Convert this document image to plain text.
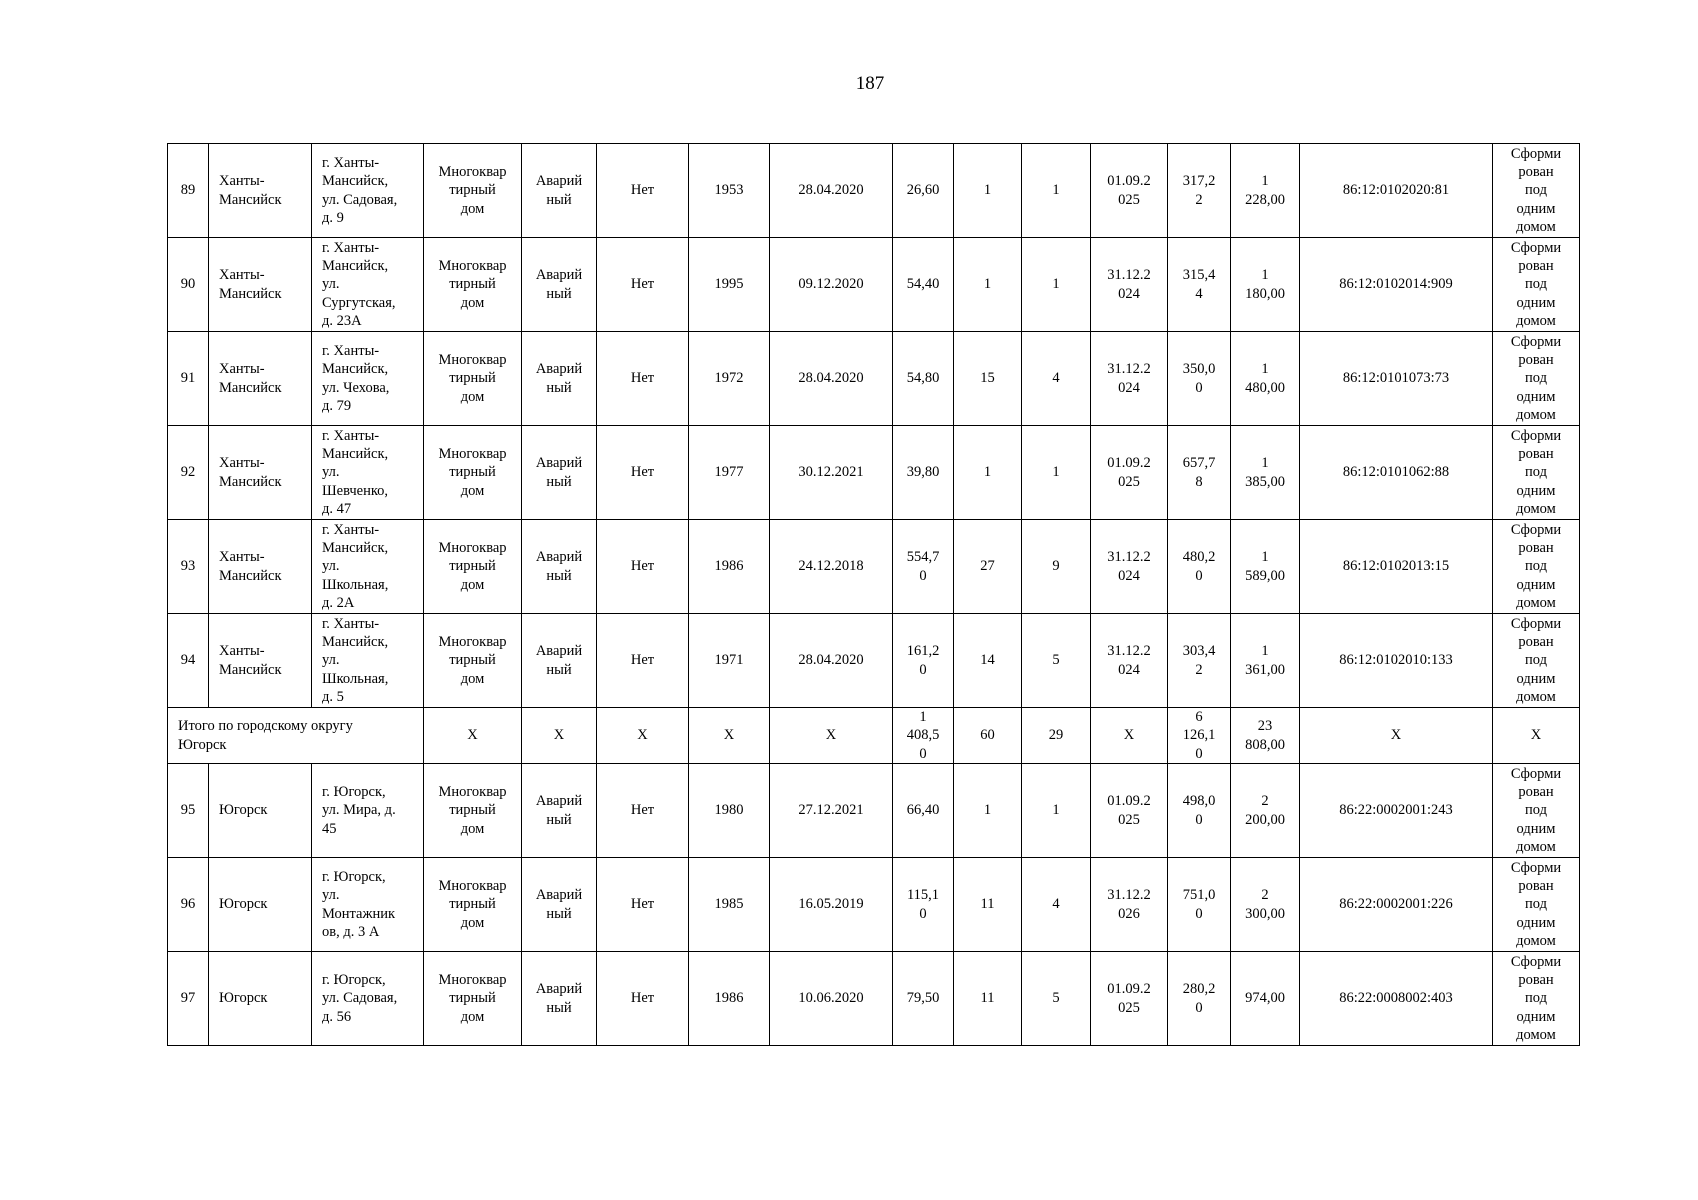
187
89	Ханты-
Мансийск	г. Ханты-
Мансийск,
ул. Садовая,
д. 9	Многоквар
тирный
дом	Аварий
ный	Нет	1953	28.04.2020	26,60	1	1	01.09.2
025	317,2
2	1
228,00	86:12:0102020:81	Сформи
рован
под
одним
домом

90	Ханты-
Мансийск	г. Ханты-
Мансийск,
ул.
Сургутская,
д. 23А	Многоквар
тирный
дом	Аварий
ный	Нет	1995	09.12.2020	54,40	1	1	31.12.2
024	315,4
4	1
180,00	86:12:0102014:909	Сформи
рован
под
одним
домом

91	Ханты-
Мансийск	г. Ханты-
Мансийск,
ул. Чехова,
д. 79	Многоквар
тирный
дом	Аварий
ный	Нет	1972	28.04.2020	54,80	15	4	31.12.2
024	350,0
0	1
480,00	86:12:0101073:73	Сформи
рован
под
одним
домом

92	Ханты-
Мансийск	г. Ханты-
Мансийск,
ул.
Шевченко,
д. 47	Многоквар
тирный
дом	Аварий
ный	Нет	1977	30.12.2021	39,80	1	1	01.09.2
025	657,7
8	1
385,00	86:12:0101062:88	Сформи
рован
под
одним
домом

93	Ханты-
Мансийск	г. Ханты-
Мансийск,
ул.
Школьная,
д. 2А	Многоквар
тирный
дом	Аварий
ный	Нет	1986	24.12.2018	554,7
0	27	9	31.12.2
024	480,2
0	1
589,00	86:12:0102013:15	Сформи
рован
под
одним
домом

94	Ханты-
Мансийск	г. Ханты-
Мансийск,
ул.
Школьная,
д. 5	Многоквар
тирный
дом	Аварий
ный	Нет	1971	28.04.2020	161,2
0	14	5	31.12.2
024	303,4
2	1
361,00	86:12:0102010:133	Сформи
рован
под
одним
домом

Итого по городскому округу
Югорск			Х	Х	Х	Х	Х	1
408,5
0	60	29	Х	6
126,1
0	23
808,00	Х	Х

95	Югорск	г. Югорск,
ул. Мира, д.
45	Многоквар
тирный
дом	Аварий
ный	Нет	1980	27.12.2021	66,40	1	1	01.09.2
025	498,0
0	2
200,00	86:22:0002001:243	Сформи
рован
под
одним
домом

96	Югорск	г. Югорск,
ул.
Монтажник
ов, д. 3 А	Многоквар
тирный
дом	Аварий
ный	Нет	1985	16.05.2019	115,1
0	11	4	31.12.2
026	751,0
0	2
300,00	86:22:0002001:226	Сформи
рован
под
одним
домом

97	Югорск	г. Югорск,
ул. Садовая,
д. 56	Многоквар
тирный
дом	Аварий
ный	Нет	1986	10.06.2020	79,50	11	5	01.09.2
025	280,2
0	974,00	86:22:0008002:403	Сформи
рован
под
одним
домом
